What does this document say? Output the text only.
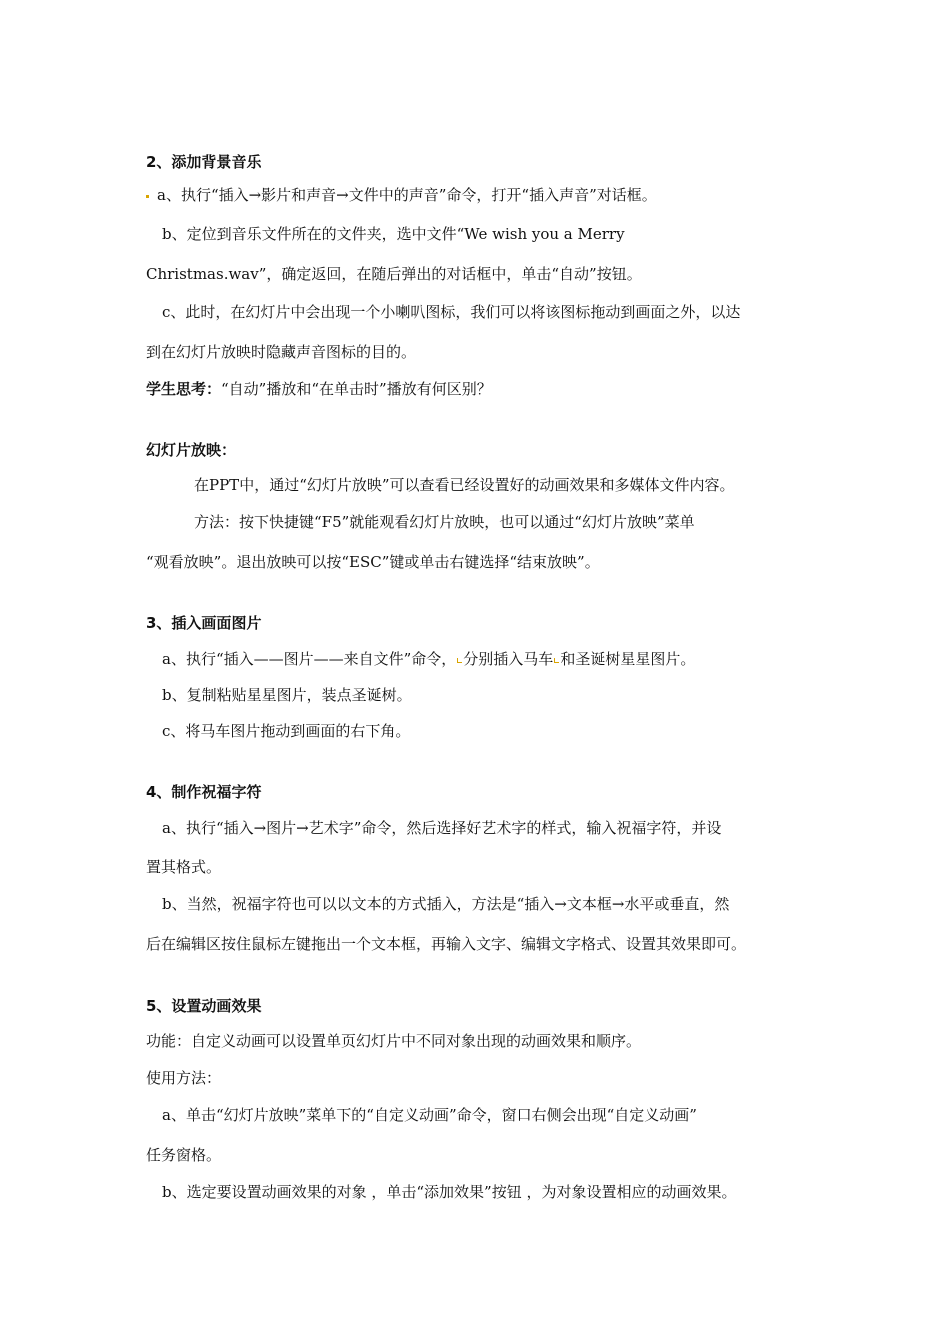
2、添加背景音乐
a、执行“插入→影片和声音→文件中的声音”命令，打开“插入声音”对话框。
b、定位到音乐文件所在的文件夹，选中文件“We wish you a Merry
Christmas.wav”，确定返回，在随后弹出的对话框中，单击“自动”按钮。
c、此时，在幻灯片中会出现一个小喇叭图标，我们可以将该图标拖动到画面之外，以达
到在幻灯片放映时隐藏声音图标的目的。
学生思考：“自动”播放和“在单击时”播放有何区别？
幻灯片放映：
在PPT中，通过“幻灯片放映”可以查看已经设置好的动画效果和多媒体文件内容。
方法：按下快捷键“F5”就能观看幻灯片放映，也可以通过“幻灯片放映”菜单
“观看放映”。退出放映可以按“ESC”键或单击右键选择“结束放映”。
3、插入画面图片
a、执行“插入——图片——来自文件”命令， 分别插入马车 和圣诞树星星图片。
b、复制粘贴星星图片，装点圣诞树。
c、将马车图片拖动到画面的右下角。
4、制作祝福字符
a、执行“插入→图片→艺术字”命令，然后选择好艺术字的样式，输入祝福字符，并设
置其格式。
b、当然，祝福字符也可以以文本的方式插入，方法是“插入→文本框→水平或垂直，然
后在编辑区按住鼠标左键拖出一个文本框，再输入文字、编辑文字格式、设置其效果即可。
5、设置动画效果
功能：自定义动画可以设置单页幻灯片中不同对象出现的动画效果和顺序。
使用方法：
a、单击“幻灯片放映”菜单下的“自定义动画”命令，窗口右侧会出现“自定义动画”
任务窗格。
b、选定要设置动画效果的对象 ，单击“添加效果”按钮 ，为对象设置相应的动画效果。
